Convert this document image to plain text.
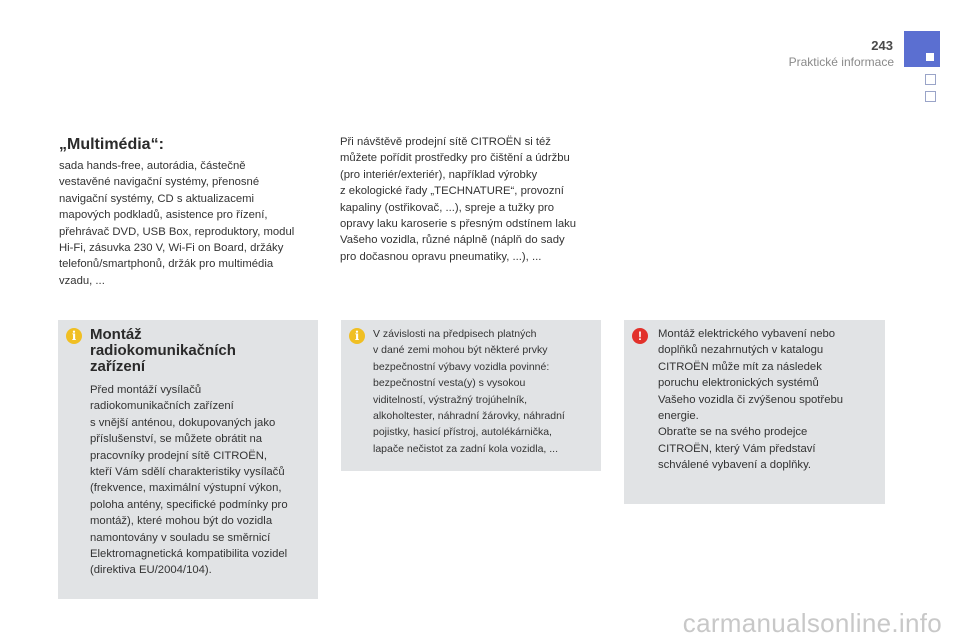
243
Praktické informace
„Multimédia“:
sada hands-free, autorádia, částečně
vestavěné navigační systémy, přenosné
navigační systémy, CD s aktualizacemi
mapových podkladů, asistence pro řízení,
přehrávač DVD, USB Box, reproduktory, modul
Hi-Fi, zásuvka 230 V, Wi-Fi on Board, držáky
telefonů/smartphonů, držák pro multimédia
vzadu, ...
Při návštěvě prodejní sítě CITROËN si též
můžete pořídit prostředky pro čištění a údržbu
(pro interiér/exteriér), například výrobky
z ekologické řady „TECHNATURE“, provozní
kapaliny (ostřikovač, ...), spreje a tužky pro
opravy laku karoserie s přesným odstínem laku
Vašeho vozidla, různé náplně (náplň do sady
pro dočasnou opravu pneumatiky, ...), ...
i Montáž
radiokomunikačních
zařízení
Před montáží vysílačů
radiokomunikačních zařízení
s vnější anténou, dokupovaných jako
příslušenství, se můžete obrátit na
pracovníky prodejní sítě CITROËN,
kteří Vám sdělí charakteristiky vysílačů
(frekvence, maximální výstupní výkon,
poloha antény, specifické podmínky pro
montáž), které mohou být do vozidla
namontovány v souladu se směrnicí
Elektromagnetická kompatibilita vozidel
(direktiva EU/2004/104).
i	V závislosti na předpisech platných
v dané zemi mohou být některé prvky
bezpečnostní výbavy vozidla povinné:
bezpečnostní vesta(y) s vysokou
viditelností, výstražný trojúhelník,
alkoholtester, náhradní žárovky, náhradní
pojistky, hasicí přístroj, autolékárnička,
lapače nečistot za zadní kola vozidla, ...
!	Montáž elektrického vybavení nebo
doplňků nezahrnutých v katalogu
CITROËN může mít za následek
poruchu elektronických systémů
Vašeho vozidla či zvýšenou spotřebu
energie.
Obraťte se na svého prodejce
CITROËN, který Vám představí
schválené vybavení a doplňky.
carmanualsonline.info
